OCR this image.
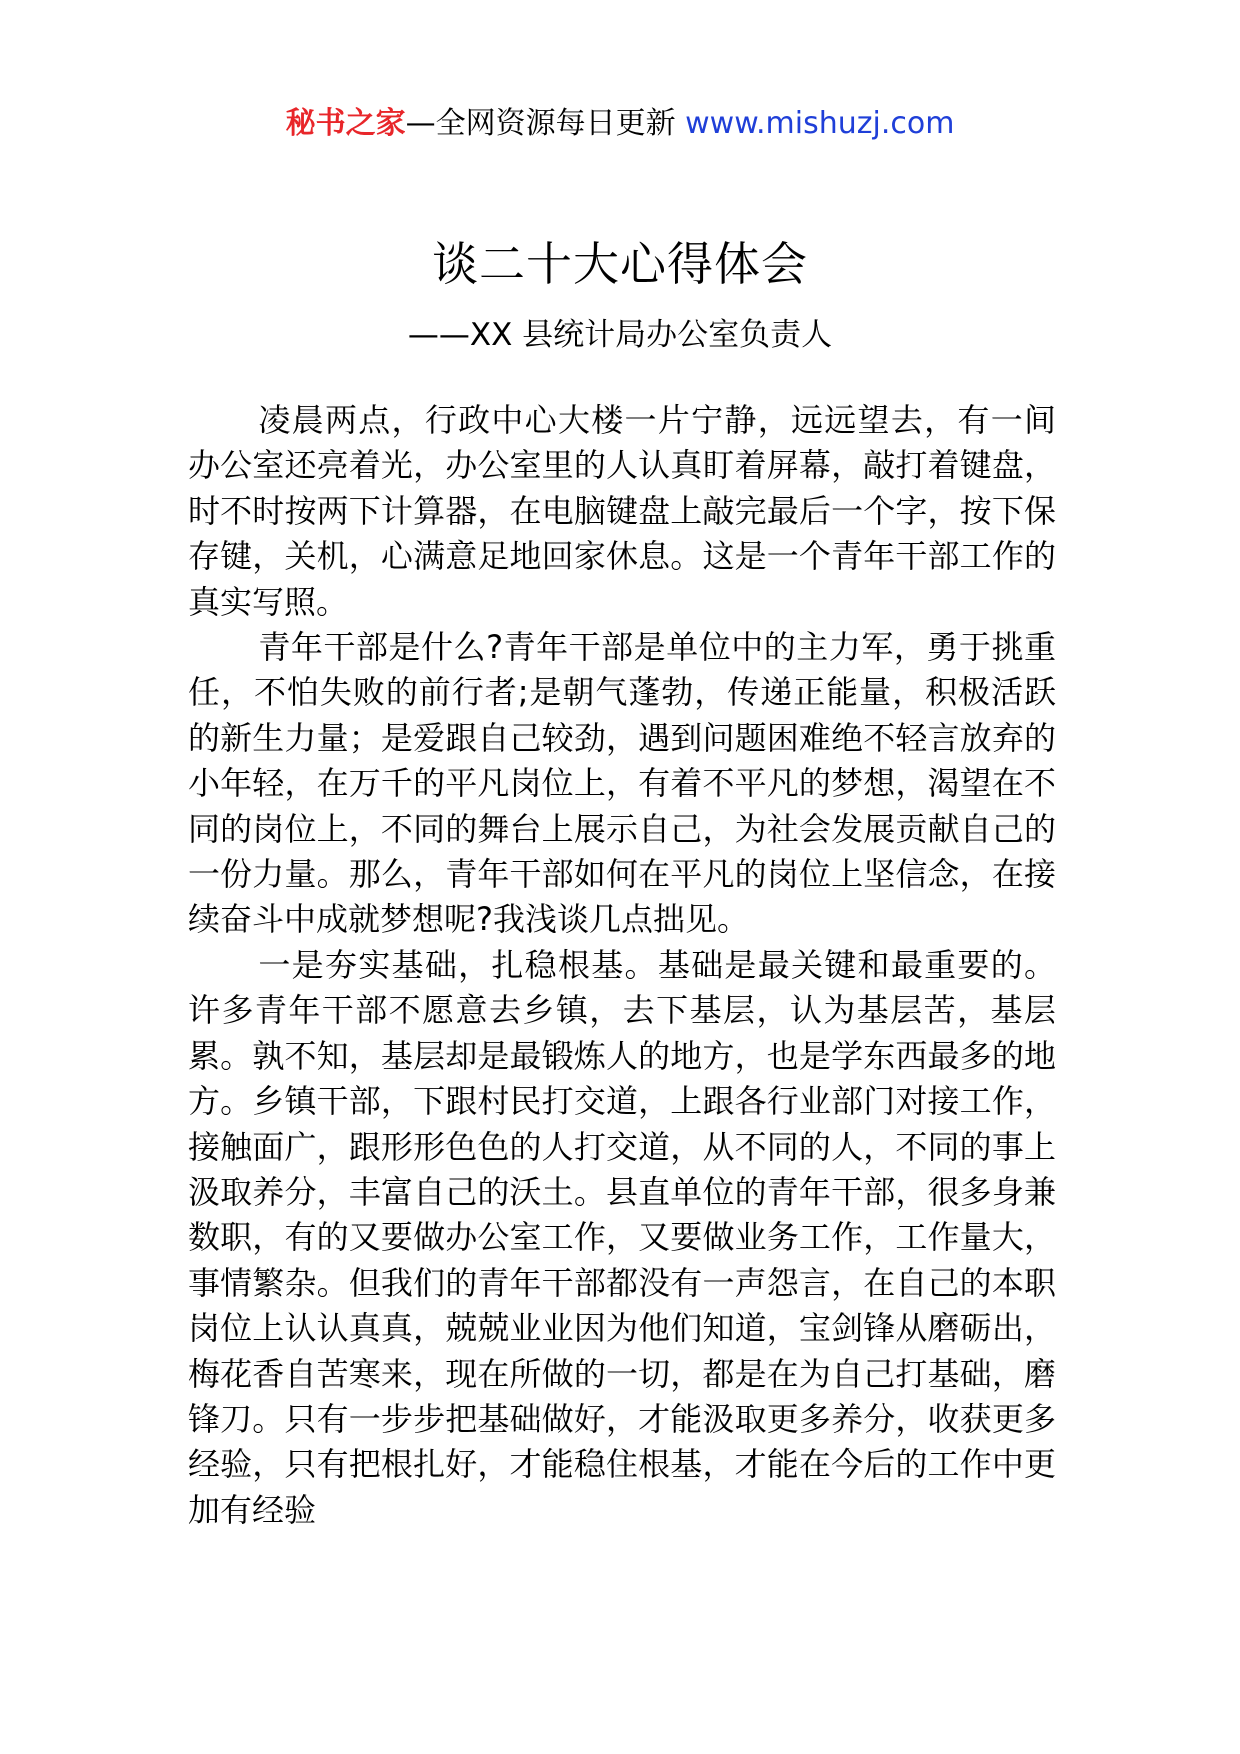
秘书之家—全网资源每日更新 www.mishuzj.com
谈二十大心得体会
——XX 县统计局办公室负责人

凌晨两点，行政中心大楼一片宁静，远远望去，有一间办公室还亮着光，办公室里的人认真盯着屏幕，敲打着键盘，时不时按两下计算器，在电脑键盘上敲完最后一个字，按下保存键，关机，心满意足地回家休息。这是一个青年干部工作的真实写照。

青年干部是什么?青年干部是单位中的主力军，勇于挑重任，不怕失败的前行者;是朝气蓬勃，传递正能量，积极活跃的新生力量；是爱跟自己较劲，遇到问题困难绝不轻言放弃的小年轻，在万千的平凡岗位上，有着不平凡的梦想，渴望在不同的岗位上，不同的舞台上展示自己，为社会发展贡献自己的一份力量。那么，青年干部如何在平凡的岗位上坚信念，在接续奋斗中成就梦想呢?我浅谈几点拙见。

一是夯实基础，扎稳根基。基础是最关键和最重要的。许多青年干部不愿意去乡镇，去下基层，认为基层苦，基层累。孰不知，基层却是最锻炼人的地方，也是学东西最多的地方。乡镇干部，下跟村民打交道，上跟各行业部门对接工作，接触面广，跟形形色色的人打交道，从不同的人，不同的事上汲取养分，丰富自己的沃土。县直单位的青年干部，很多身兼数职，有的又要做办公室工作，又要做业务工作，工作量大，事情繁杂。但我们的青年干部都没有一声怨言，在自己的本职岗位上认认真真，兢兢业业因为他们知道，宝剑锋从磨砺出，梅花香自苦寒来，现在所做的一切，都是在为自己打基础，磨锋刀。只有一步步把基础做好，才能汲取更多养分，收获更多经验，只有把根扎好，才能稳住根基，才能在今后的工作中更加有经验
